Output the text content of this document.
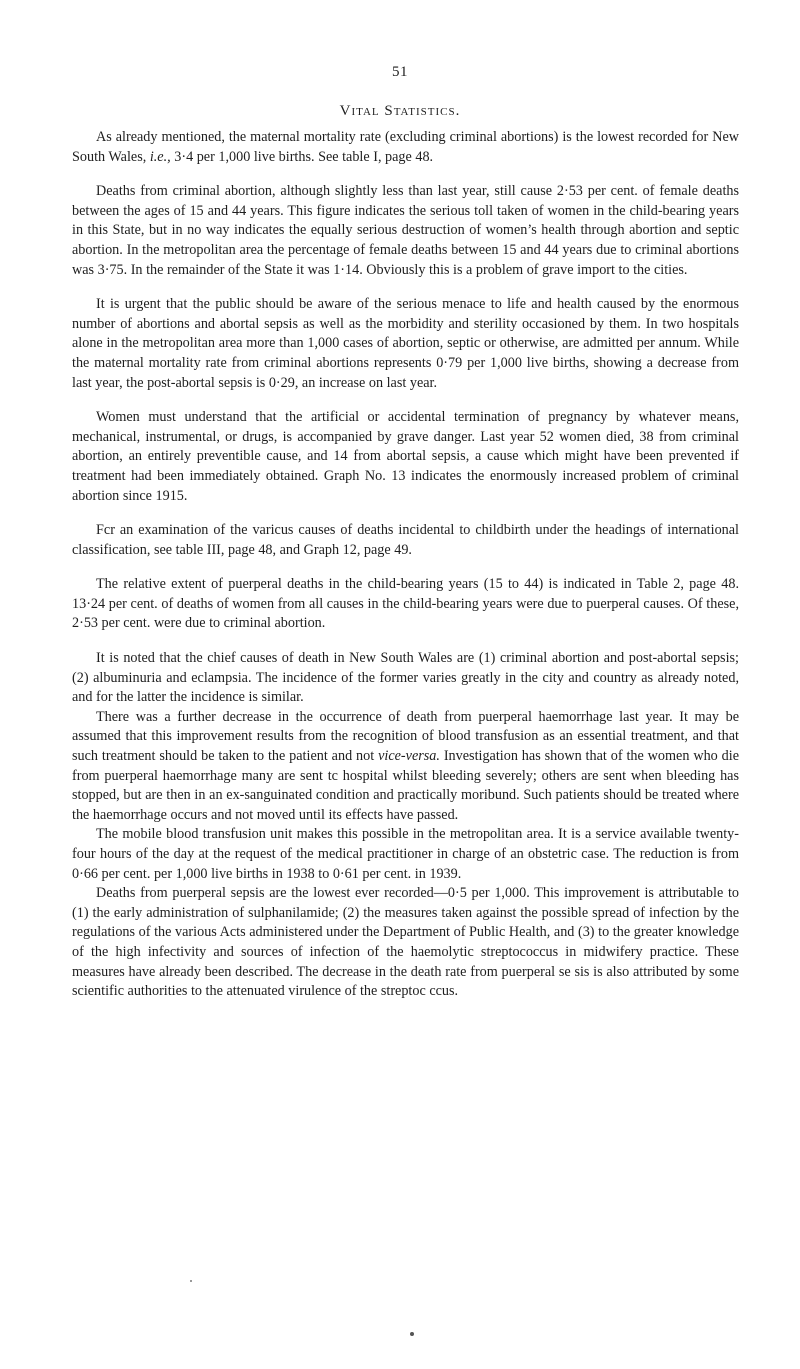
51
Vital Statistics.

As already mentioned, the maternal mortality rate (excluding criminal abortions) is the lowest recorded for New South Wales, i.e., 3·4 per 1,000 live births. See table I, page 48.

Deaths from criminal abortion, although slightly less than last year, still cause 2·53 per cent. of female deaths between the ages of 15 and 44 years. This figure indicates the serious toll taken of women in the child-bearing years in this State, but in no way indicates the equally serious destruction of women’s health through abortion and septic abortion. In the metropolitan area the percentage of female deaths between 15 and 44 years due to criminal abortions was 3·75. In the remainder of the State it was 1·14. Obviously this is a problem of grave import to the cities.

It is urgent that the public should be aware of the serious menace to life and health caused by the enormous number of abortions and abortal sepsis as well as the morbidity and sterility occasioned by them. In two hospitals alone in the metropolitan area more than 1,000 cases of abortion, septic or otherwise, are admitted per annum. While the maternal mortality rate from criminal abortions represents 0·79 per 1,000 live births, showing a decrease from last year, the post-abortal sepsis is 0·29, an increase on last year.

Women must understand that the artificial or accidental termination of pregnancy by whatever means, mechanical, instrumental, or drugs, is accompanied by grave danger. Last year 52 women died, 38 from criminal abortion, an entirely preventible cause, and 14 from abortal sepsis, a cause which might have been prevented if treatment had been immediately obtained. Graph No. 13 indicates the enormously increased problem of criminal abortion since 1915.

Fcr an examination of the varicus causes of deaths incidental to childbirth under the headings of international classification, see table III, page 48, and Graph 12, page 49.

The relative extent of puerperal deaths in the child-bearing years (15 to 44) is indicated in Table 2, page 48. 13·24 per cent. of deaths of women from all causes in the child-bearing years were due to puerperal causes. Of these, 2·53 per cent. were due to criminal abortion.

It is noted that the chief causes of death in New South Wales are (1) criminal abortion and post-abortal sepsis; (2) albuminuria and eclampsia. The incidence of the former varies greatly in the city and country as already noted, and for the latter the incidence is similar.

There was a further decrease in the occurrence of death from puerperal haemorrhage last year. It may be assumed that this improvement results from the recognition of blood transfusion as an essential treatment, and that such treatment should be taken to the patient and not vice-versa. Investigation has shown that of the women who die from puerperal haemorrhage many are sent tc hospital whilst bleeding severely; others are sent when bleeding has stopped, but are then in an ex-sanguinated condition and practically moribund. Such patients should be treated where the haemorrhage occurs and not moved until its effects have passed.

The mobile blood transfusion unit makes this possible in the metropolitan area. It is a service available twenty-four hours of the day at the request of the medical practitioner in charge of an obstetric case. The reduction is from 0·66 per cent. per 1,000 live births in 1938 to 0·61 per cent. in 1939.

Deaths from puerperal sepsis are the lowest ever recorded—0·5 per 1,000. This improvement is attributable to (1) the early administration of sulphanilamide; (2) the measures taken against the possible spread of infection by the regulations of the various Acts administered under the Department of Public Health, and (3) to the greater knowledge of the high infectivity and sources of infection of the haemolytic streptococcus in midwifery practice. These measures have already been described. The decrease in the death rate from puerperal se sis is also attributed by some scientific authorities to the attenuated virulence of the streptoc ccus.
